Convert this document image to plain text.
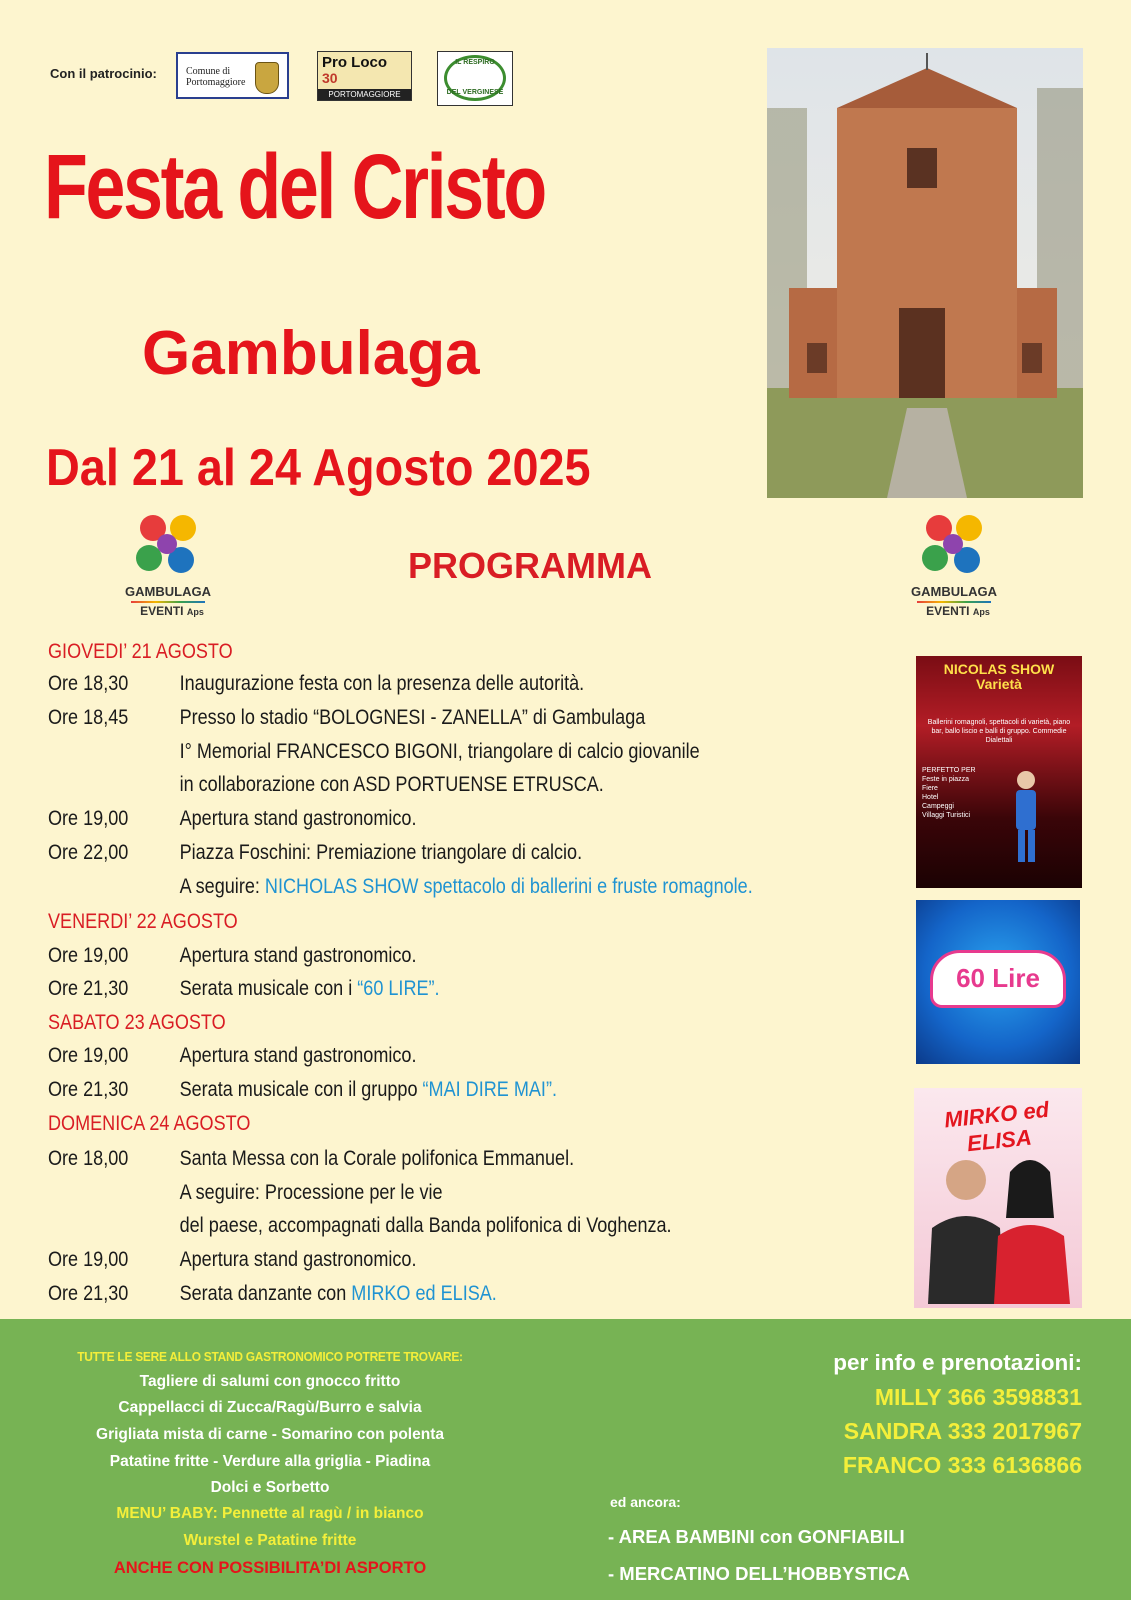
Con il patrocinio:	Comune di
Portomaggiore
Pro Loco
30
PORTOMAGGIORE
IL RESPIRO
DEL VERGINESE
Festa del Cristo
Gambulaga
Dal 21 al 24 Agosto 2025
GAMBULAGA
EVENTI Aps
PROGRAMMA
GAMBULAGA
EVENTI Aps
GIOVEDI’ 21 AGOSTO
Ore 18,30 Inaugurazione festa con la presenza delle autorità.
Ore 18,45 Presso lo stadio “BOLOGNESI - ZANELLA” di Gambulaga
I° Memorial FRANCESCO BIGONI, triangolare di calcio giovanile
in collaborazione con ASD PORTUENSE ETRUSCA.
Ore 19,00 Apertura stand gastronomico.
Ore 22,00 Piazza Foschini: Premiazione triangolare di calcio.
A seguire: NICHOLAS SHOW spettacolo di ballerini e fruste romagnole.
VENERDI’ 22 AGOSTO
Ore 19,00 Apertura stand gastronomico.
Ore 21,30 Serata musicale con i “60 LIRE”.
SABATO 23 AGOSTO
Ore 19,00 Apertura stand gastronomico.
Ore 21,30 Serata musicale con il gruppo “MAI DIRE MAI”.
DOMENICA 24 AGOSTO
Ore 18,00 Santa Messa con la Corale polifonica Emmanuel.
A seguire: Processione per le vie
del paese, accompagnati dalla Banda polifonica di Voghenza.
Ore 19,00 Apertura stand gastronomico.
Ore 21,30 Serata danzante con MIRKO ed ELISA.
NICOLAS SHOW
Varietà
Ballerini romagnoli, spettacoli di varietà, piano bar, ballo liscio e balli di gruppo. Commedie Dialettali
PERFETTO PER
Feste in piazza
Fiere
Hotel
Campeggi
Villaggi Turistici
60 Lire
MIRKO ed ELISA
TUTTE LE SERE ALLO STAND GASTRONOMICO POTRETE TROVARE:
Tagliere di salumi con gnocco fritto
Cappellacci di Zucca/Ragù/Burro e salvia
Grigliata mista di carne - Somarino con polenta
Patatine fritte - Verdure alla griglia - Piadina
Dolci e Sorbetto
MENU’ BABY: Pennette al ragù / in bianco
Wurstel e Patatine fritte
ANCHE CON POSSIBILITA’DI ASPORTO
per info e prenotazioni:
MILLY 366 3598831
SANDRA 333 2017967
FRANCO 333 6136866
ed ancora:
- AREA BAMBINI con GONFIABILI
- MERCATINO DELL’HOBBYSTICA
